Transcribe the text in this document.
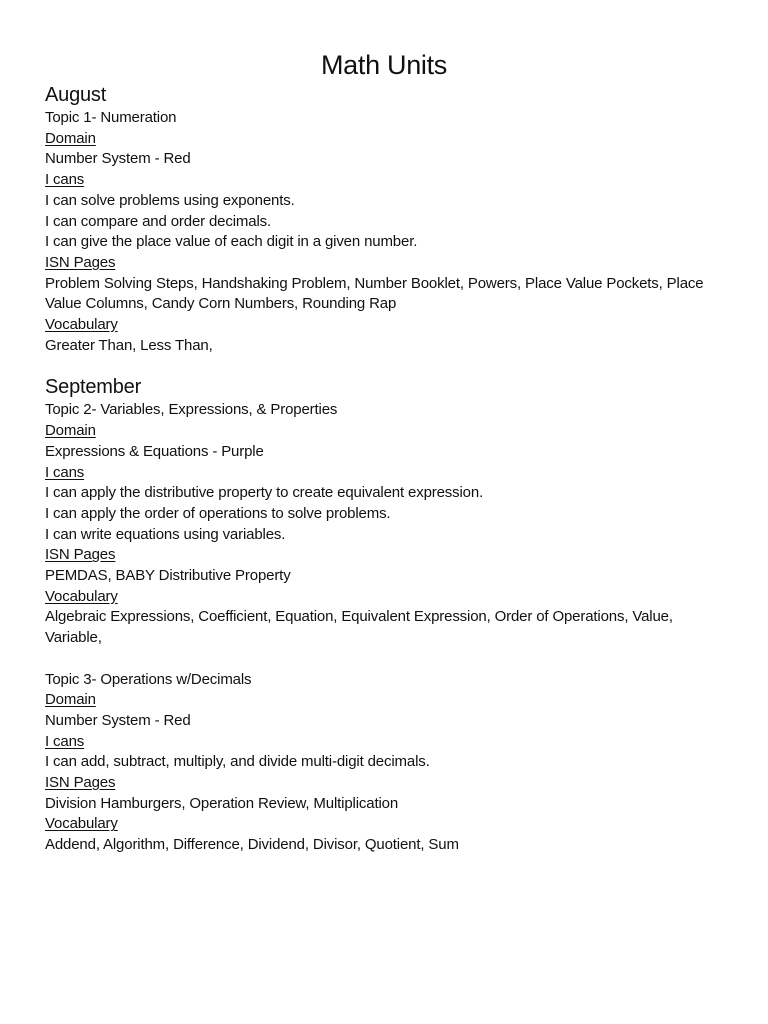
Math Units
August

Topic 1- Numeration

Domain

Number System - Red

I cans

I can solve problems using exponents.

I can compare and order decimals.

I can give the place value of each digit in a given number.

ISN Pages

Problem Solving Steps, Handshaking Problem, Number Booklet, Powers, Place Value Pockets, Place Value Columns, Candy Corn Numbers, Rounding Rap

Vocabulary

Greater Than, Less Than,

September

Topic 2- Variables, Expressions, & Properties

Domain

Expressions & Equations - Purple

I cans

I can apply the distributive property to create equivalent expression.

I can apply the order of operations to solve problems.

I can write equations using variables.

ISN Pages

PEMDAS, BABY Distributive Property

Vocabulary

Algebraic Expressions, Coefficient, Equation, Equivalent Expression, Order of Operations, Value, Variable,

Topic 3- Operations w/Decimals

Domain

Number System - Red

I cans

I can add, subtract, multiply, and divide multi-digit decimals.

ISN Pages

Division Hamburgers, Operation Review, Multiplication

Vocabulary

Addend, Algorithm, Difference, Dividend, Divisor, Quotient, Sum
